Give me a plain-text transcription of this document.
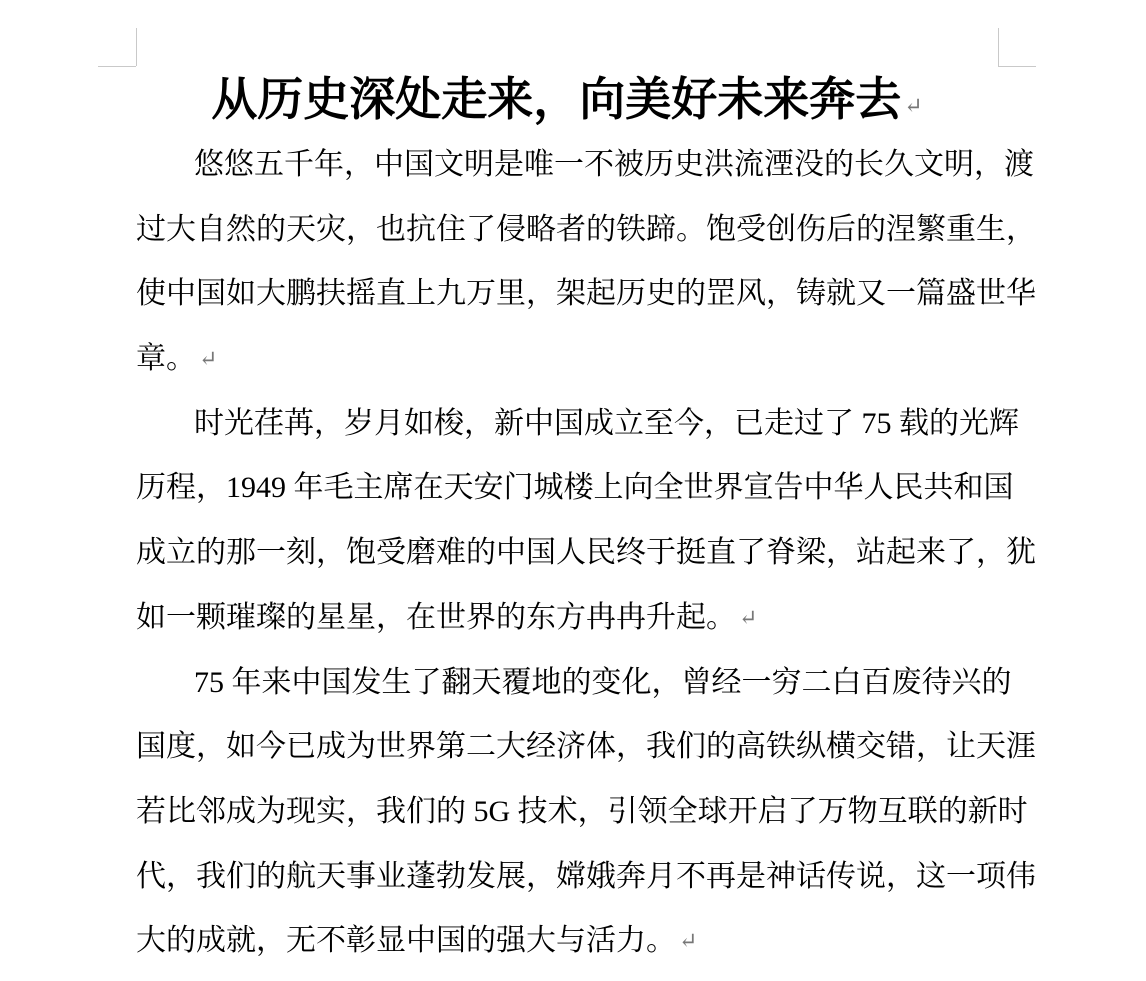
从历史深处走来，向美好未来奔去 ↵
悠悠五千年，中国文明是唯一不被历史洪流湮没的长久文明，渡
过大自然的天灾，也抗住了侵略者的铁蹄。饱受创伤后的涅繁重生，
使中国如大鹏扶摇直上九万里，架起历史的罡风，铸就又一篇盛世华
章。 ↵
时光荏苒，岁月如梭，新中国成立至今，已走过了 75 载的光辉
历程，1949 年毛主席在天安门城楼上向全世界宣告中华人民共和国
成立的那一刻，饱受磨难的中国人民终于挺直了脊梁，站起来了，犹
如一颗璀璨的星星，在世界的东方冉冉升起。 ↵
75 年来中国发生了翻天覆地的变化，曾经一穷二白百废待兴的
国度，如今已成为世界第二大经济体，我们的高铁纵横交错，让天涯
若比邻成为现实，我们的 5G 技术，引领全球开启了万物互联的新时
代，我们的航天事业蓬勃发展，嫦娥奔月不再是神话传说，这一项伟
大的成就，无不彰显中国的强大与活力。 ↵
